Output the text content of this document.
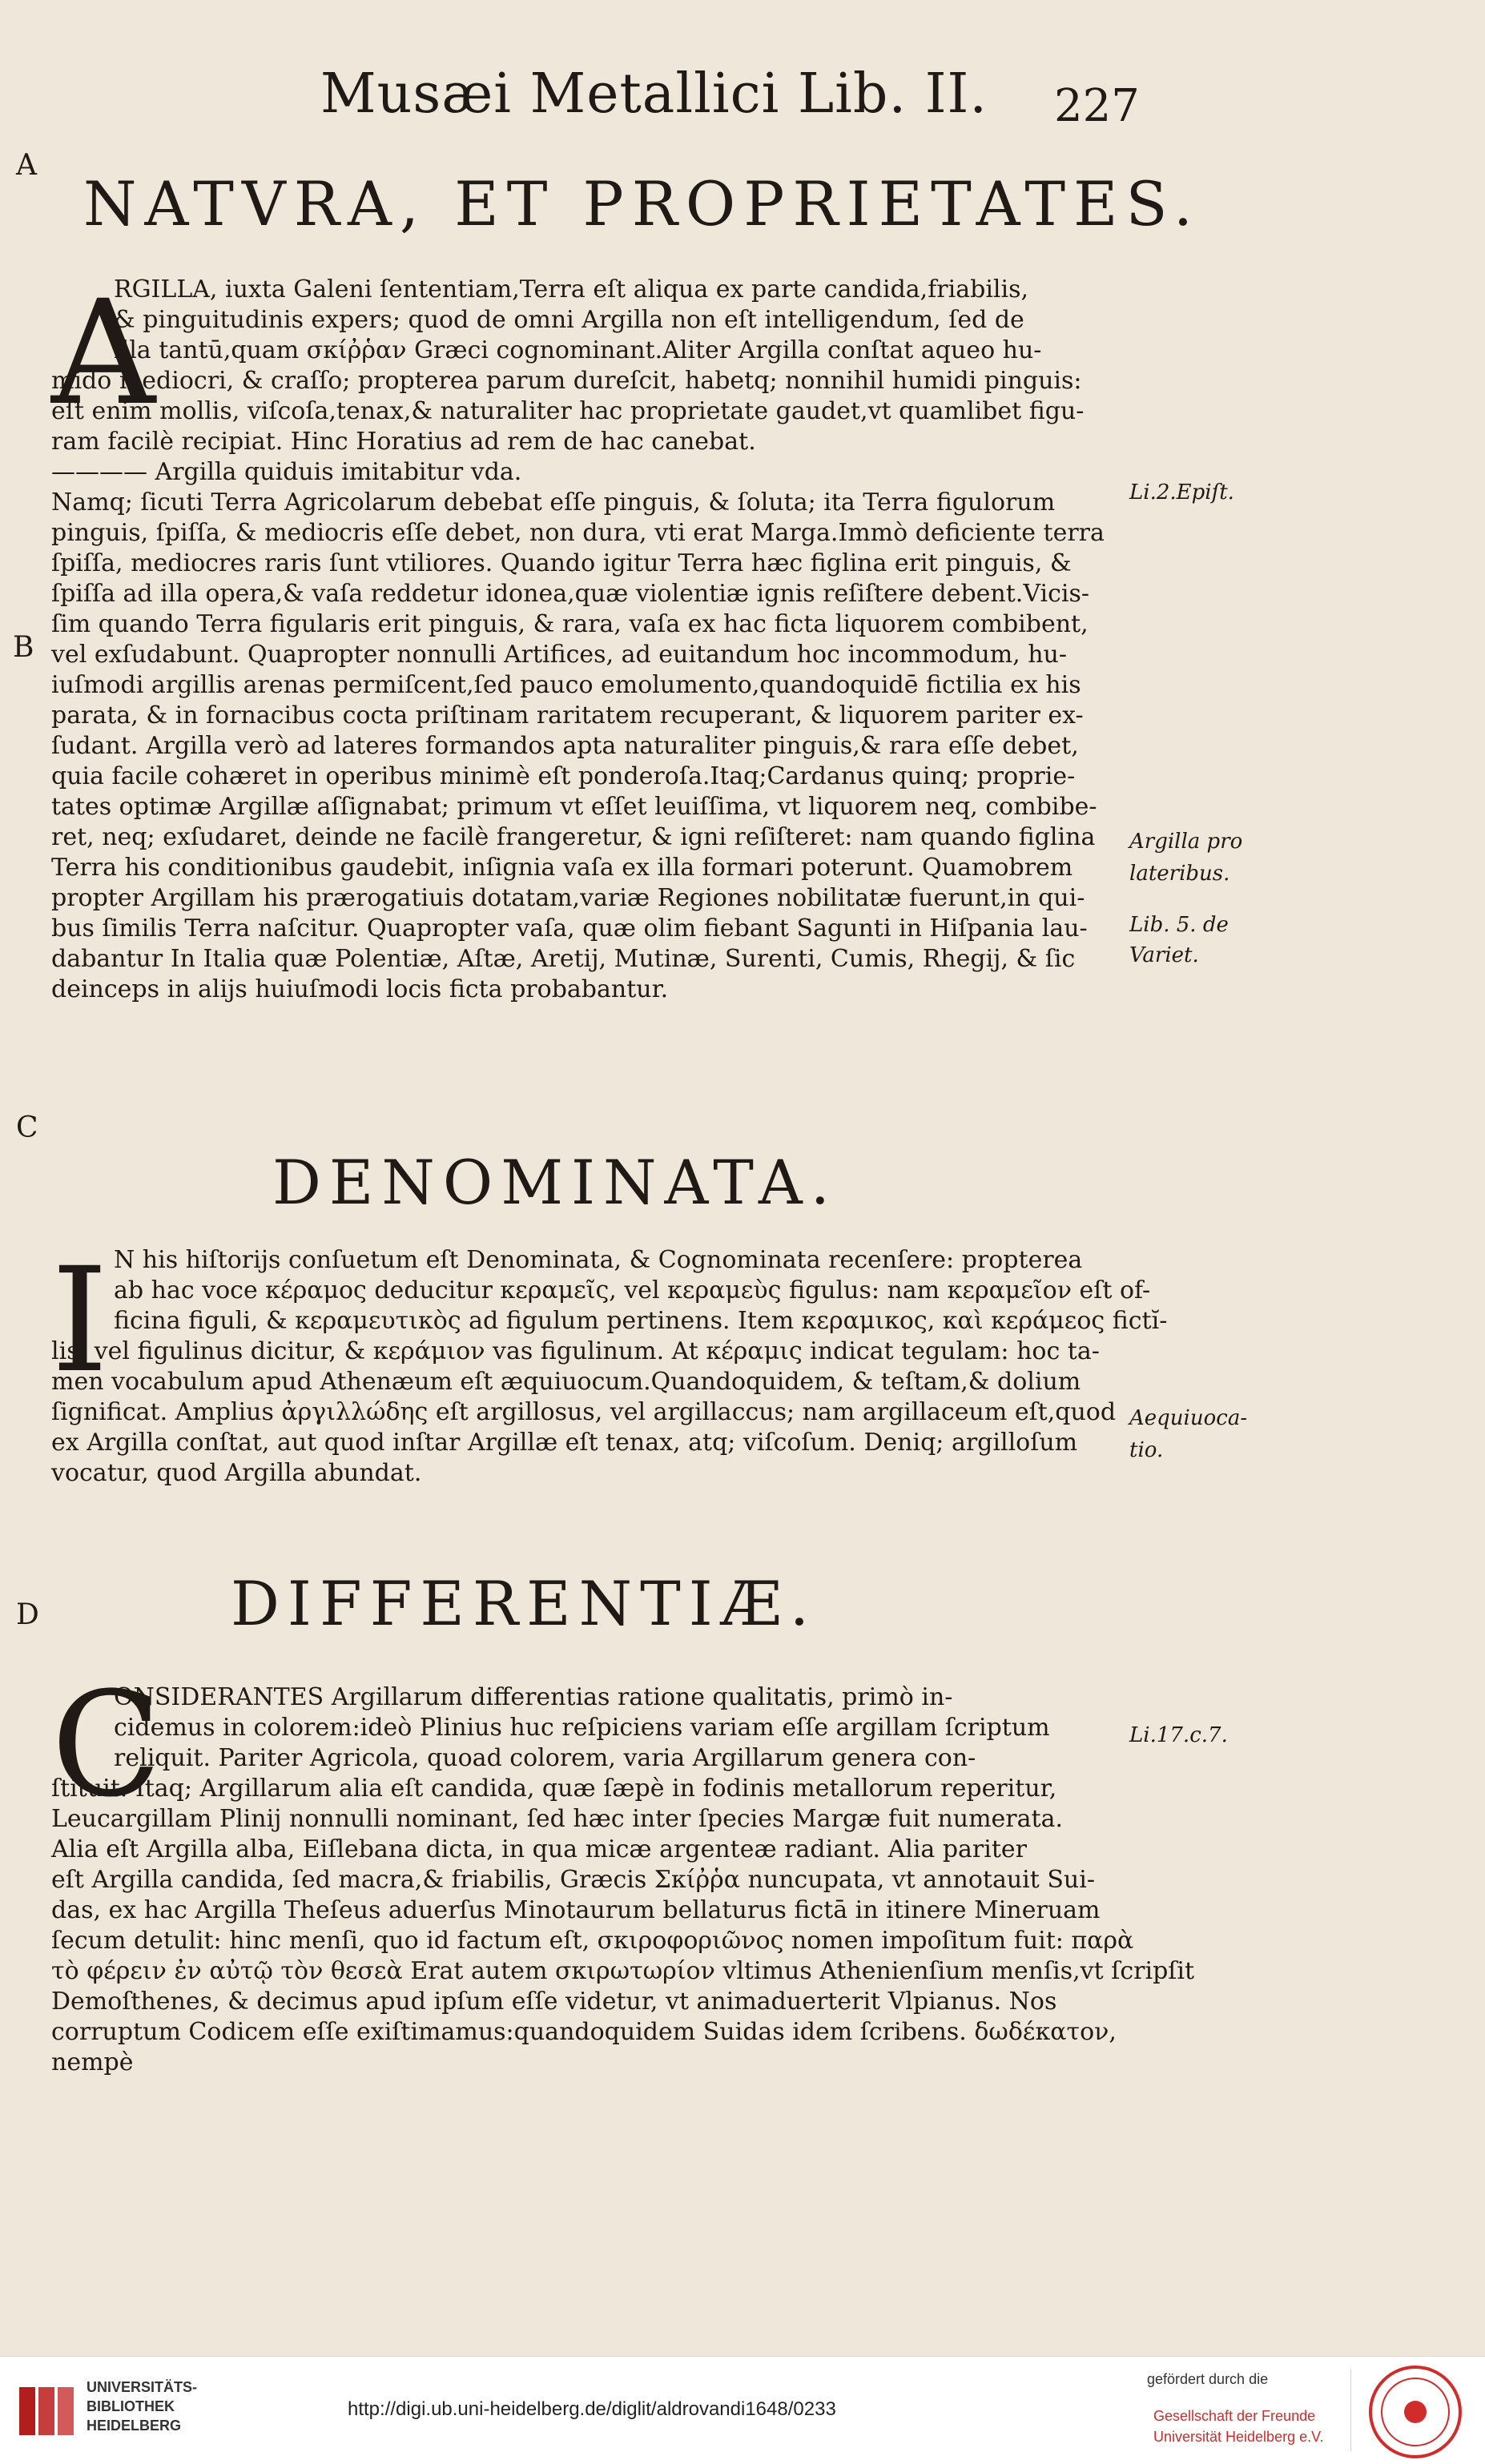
Musæi Metallici Lib. II. 227
A
B
C
D
NATVRA, ET PROPRIETATES.
A
RGILLA, iuxta Galeni ſententiam,Terra eſt aliqua ex parte candida,friabilis,
& pinguitudinis expers; quod de omni Argilla non eſt intelligendum, ſed de
illa tantū,quam σκίῤῥαν Græci cognominant.Aliter Argilla conſtat aqueo hu-
mido mediocri, & craſſo; propterea parum dureſcit, habetq; nonnihil humidi pinguis:
eſt enim mollis, viſcoſa,tenax,& naturaliter hac proprietate gaudet,vt quamlibet figu-
ram facilè recipiat. Hinc Horatius ad rem de hac canebat.
———— Argilla quiduis imitabitur vda.
Namq; ſicuti Terra Agricolarum debebat eſſe pinguis, & ſoluta; ita Terra figulorum
pinguis, ſpiſſa, & mediocris eſſe debet, non dura, vti erat Marga.Immò deficiente terra
ſpiſſa, mediocres raris ſunt vtiliores. Quando igitur Terra hæc figlina erit pinguis, &
ſpiſſa ad illa opera,& vaſa reddetur idonea,quæ violentiæ ignis reſiſtere debent.Vicis-
ſim quando Terra figularis erit pinguis, & rara, vaſa ex hac ficta liquorem combibent,
vel exſudabunt. Quapropter nonnulli Artifices, ad euitandum hoc incommodum, hu-
iuſmodi argillis arenas permiſcent,ſed pauco emolumento,quandoquidē fictilia ex his
parata, & in fornacibus cocta priſtinam raritatem recuperant, & liquorem pariter ex-
ſudant. Argilla verò ad lateres formandos apta naturaliter pinguis,& rara eſſe debet,
quia facile cohæret in operibus minimè eſt ponderoſa.Itaq;Cardanus quinq; proprie-
tates optimæ Argillæ aſſignabat; primum vt eſſet leuiſſima, vt liquorem neq, combibe-
ret, neq; exſudaret, deinde ne facilè frangeretur, & igni reſiſteret: nam quando figlina
Terra his conditionibus gaudebit, inſignia vaſa ex illa formari poterunt. Quamobrem
propter Argillam his prærogatiuis dotatam,variæ Regiones nobilitatæ fuerunt,in qui-
bus ſimilis Terra naſcitur. Quapropter vaſa, quæ olim fiebant Sagunti in Hiſpania lau-
dabantur In Italia quæ Polentiæ, Aſtæ, Aretij, Mutinæ, Surenti, Cumis, Rhegij, & ſic
deinceps in alijs huiuſmodi locis ficta probabantur.
DENOMINATA.
I N his hiſtorijs conſuetum eſt Denominata, & Cognominata recenſere: propterea
ab hac voce κέραμος deducitur κεραμεῖς, vel κεραμεὺς figulus: nam κεραμεῖον eſt of-
ficina figuli, & κεραμευτικὸς ad figulum pertinens. Item κεραμικος, καὶ κεράμεος fictĭ-
lis, vel figulinus dicitur, & κεράμιον vas figulinum. At κέραμις indicat tegulam: hoc ta-
men vocabulum apud Athenæum eſt æquiuocum.Quandoquidem, & teſtam,& dolium
ſignificat. Amplius ἀργιλλώδης eſt argillosus, vel argillaccus; nam argillaceum eſt,quod
ex Argilla conſtat, aut quod inſtar Argillæ eſt tenax, atq; viſcoſum. Deniq; argilloſum
vocatur, quod Argilla abundat.
DIFFERENTIÆ.
C
ONSIDERANTES Argillarum differentias ratione qualitatis, primò in-
cidemus in colorem:ideò Plinius huc reſpiciens variam eſſe argillam ſcriptum
reliquit. Pariter Agricola, quoad colorem, varia Argillarum genera con-
ſtituit. Itaq; Argillarum alia eſt candida, quæ ſæpè in fodinis metallorum reperitur,
Leucargillam Plinij nonnulli nominant, ſed hæc inter ſpecies Margæ fuit numerata.
Alia eſt Argilla alba, Eiſlebana dicta, in qua micæ argenteæ radiant. Alia pariter
eſt Argilla candida, ſed macra,& friabilis, Græcis Σκίῤῥα nuncupata, vt annotauit Sui-
das, ex hac Argilla Theſeus aduerſus Minotaurum bellaturus fictā in itinere Mineruam
ſecum detulit: hinc menſi, quo id factum eſt, σκιροφοριῶνος nomen impoſitum fuit: παρὰ
τὸ φέρειν ἐν αὐτῷ τὸν θεσεὰ Erat autem σκιρωτωρίον vltimus Athenienſium menſis,vt ſcripſit
Demoſthenes, & decimus apud ipſum eſſe videtur, vt animaduerterit Vlpianus. Nos
corruptum Codicem eſſe exiſtimamus:quandoquidem Suidas idem ſcribens. δωδέκατον,
nempè
Li.2.Epiſt.
Argilla pro
lateribus.
Lib. 5. de
Variet.
Aequiuoca-
tio.
Li.17.c.7.
UNIVERSITÄTS-
BIBLIOTHEK
HEIDELBERG
http://digi.ub.uni-heidelberg.de/diglit/aldrovandi1648/0233
gefördert durch die
Gesellschaft der Freunde
Universität Heidelberg e.V.
